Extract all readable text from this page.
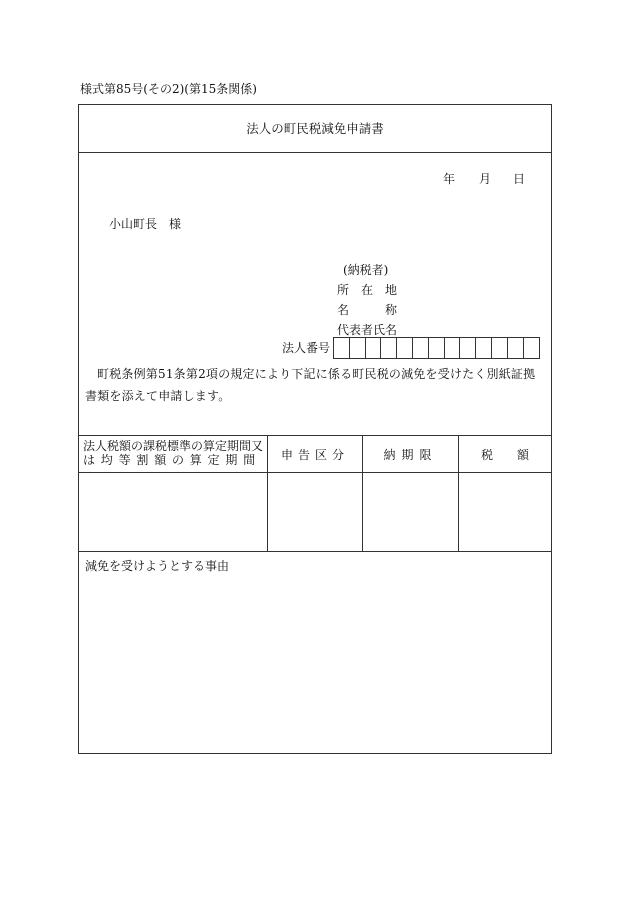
様式第85号(その2)(第15条関係)
法人の町民税減免申請書
年 月 日
小山町長　様
(納税者)
所　在　地
名　　　称
代表者氏名
法人番号
町税条例第51条第2項の規定により下記に係る町民税の減免を受けたく別紙証拠書類を添えて申請します。
法人税額の課税標準の算定期間又
は均等割額の算定期間	申告区分	納期限	税　　額
減免を受けようとする事由
